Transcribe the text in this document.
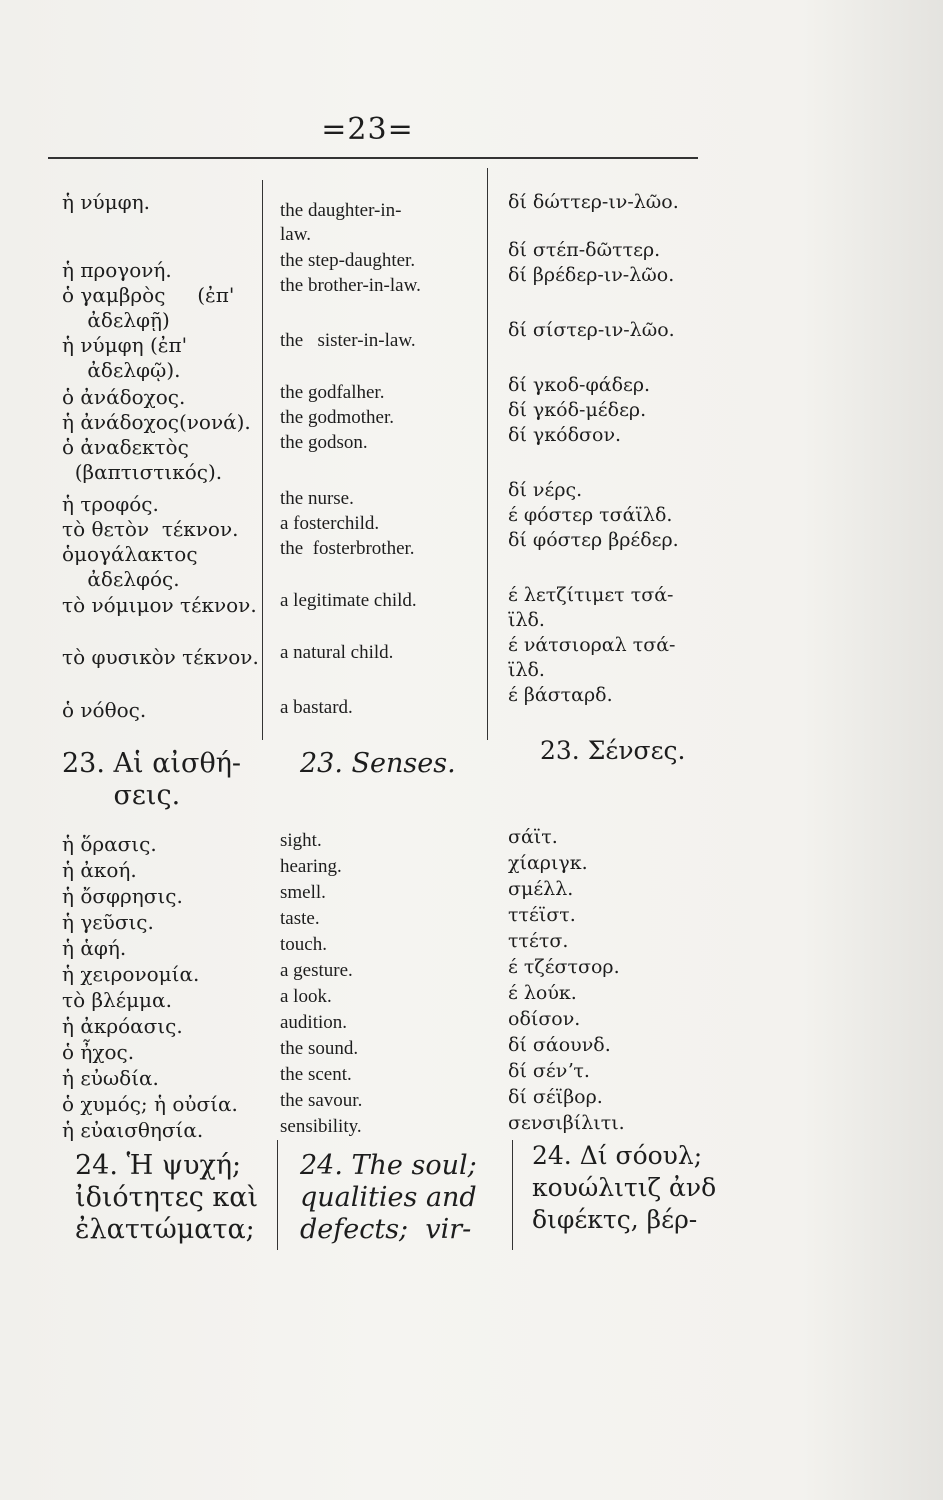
=23=
ἡ νύμφη.
ἡ προγονή.
ὁ γαμβρὸς     (ἐπ'
ἀδελφῇ)
ἡ νύμφη (ἐπ'
ἀδελφῷ).
ὁ ἀνάδοχος.
ἡ ἀνάδοχος(νονά).
ὁ ἀναδεκτὸς
(βαπτιστικός).
ἡ τροφός.
τὸ θετὸν  τέκνον.
ὁμογάλακτος
ἀδελφός.
τὸ νόμιμον τέκνον.
τὸ φυσικὸν τέκνον.
ὁ νόθος.
ἡ ὅρασις.
ἡ ἀκοή.
ἡ ὄσφρησις.
ἡ γεῦσις.
ἡ ἁφή.
ἡ χειρονομία.
τὸ βλέμμα.
ἡ ἀκρόασις.
ὁ ἦχος.
ἡ εὐωδία.
ὁ χυμός; ἡ οὐσία.
ἡ εὐαισθησία.
the daughter-in-
law.
the step-daughter.
the brother-in-law.
the   sister-in-law.
the godfalher.
the godmother.
the godson.
the nurse.
a fosterchild.
the  fosterbrother.
a legitimate child.
a natural child.
a bastard.
sight.
hearing.
smell.
taste.
touch.
a gesture.
a look.
audition.
the sound.
the scent.
the savour.
sensibility.
δί δώττερ-ιν-λῶο.
δί στέπ-δῶττερ.
δί βρέδερ-ιν-λῶο.
δί σίστερ-ιν-λῶο.
δί γκοδ-φάδερ.
δί γκόδ-μέδερ.
δί γκόδσον.
δί νέρς.
έ φόστερ τσάϊλδ.
δί φόστερ βρέδερ.
έ λετζίτιμετ τσά-
ϊλδ.
έ νάτσιοραλ τσά-
ϊλδ.
έ βάσταρδ.
σάϊτ.
χίαριγκ.
σμέλλ.
ττέϊστ.
ττέτσ.
έ τζέστσορ.
έ λούκ.
οδίσον.
δί σάουνδ.
δί σένʼτ.
δί σέϊβορ.
σενσιβίλιτι.
23. Αἱ αἰσθή-
σεις.
23. Senses.	23. Σένσες.
24. Ἡ ψυχή;
ἰδιότητες καὶ
ἐλαττώματα;
24. The soul;
qualities and
defects;  vir-
24. Δί σόουλ;
κουώλιτιζ ἀνδ
διφέκτς, βέρ-
